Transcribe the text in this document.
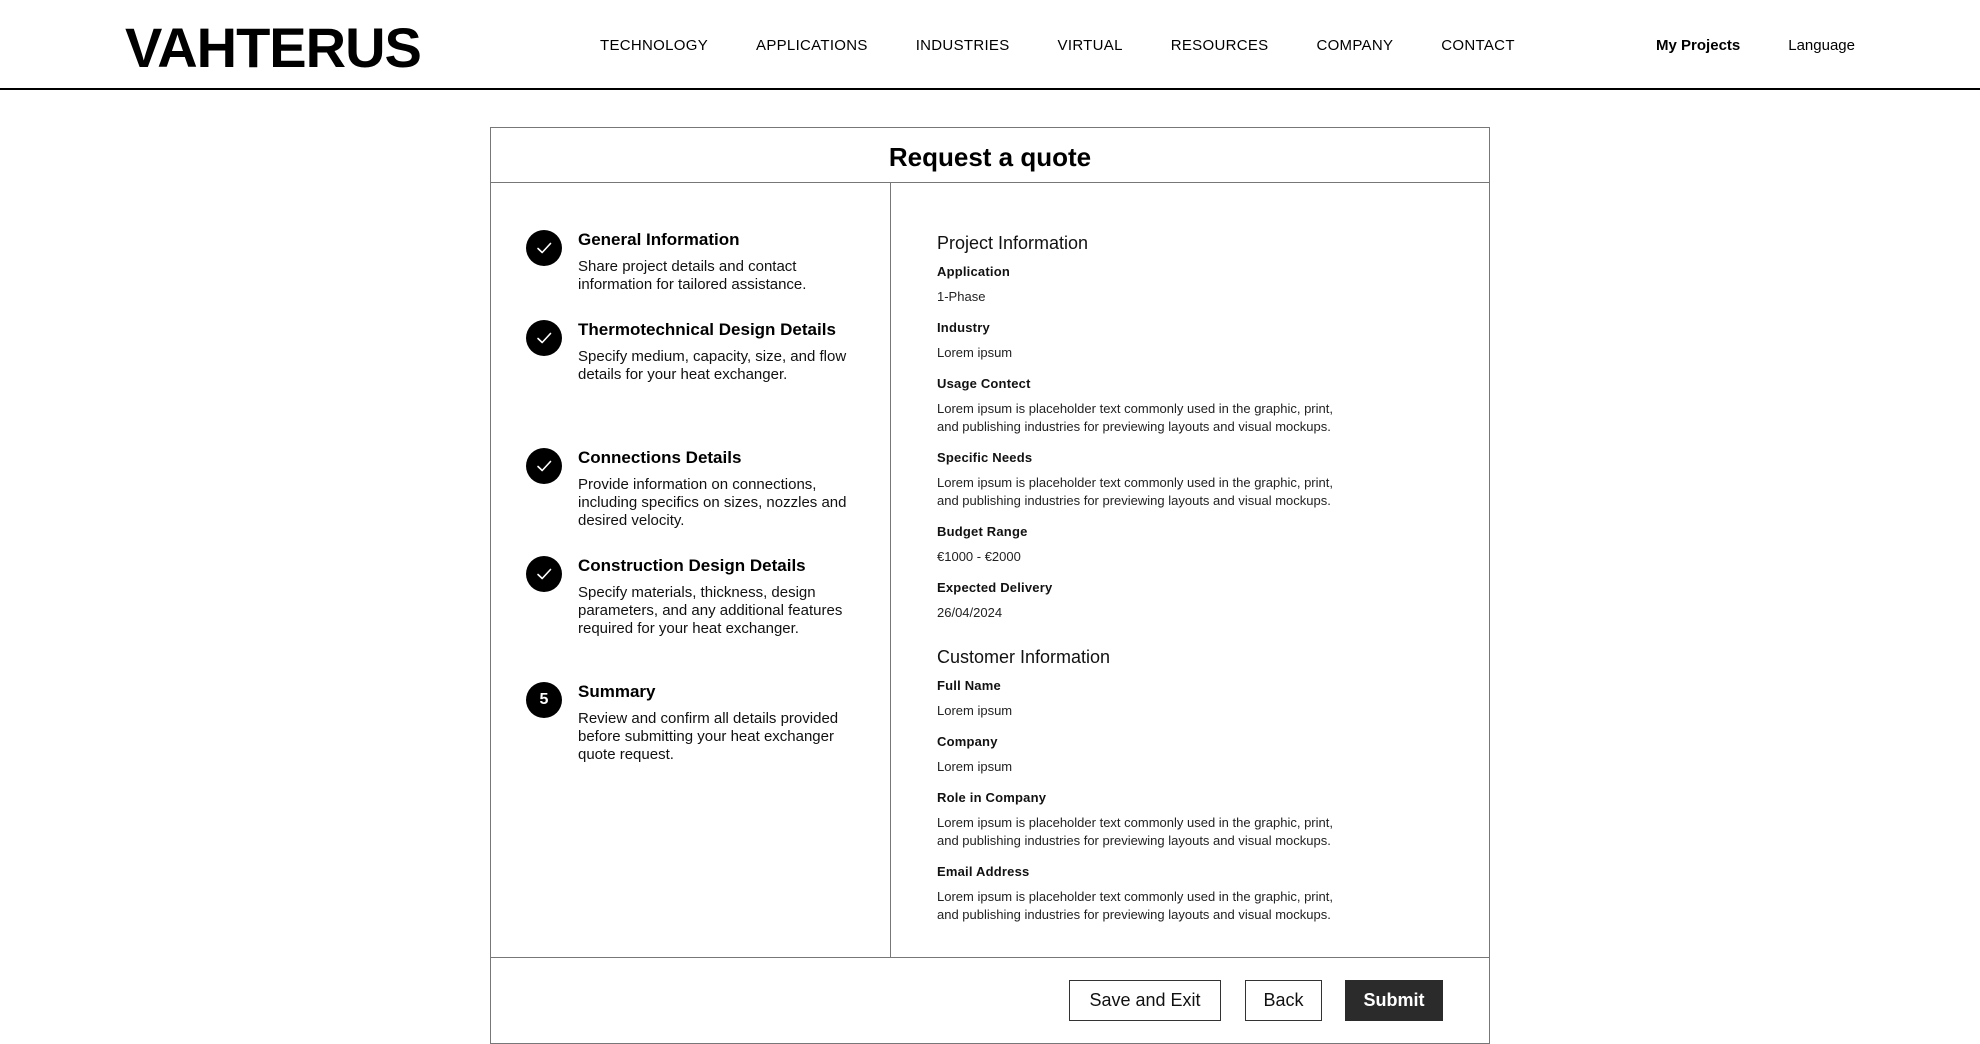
VAHTERUS	TECHNOLOGY	APPLICATIONS	INDUSTRIES	VIRTUAL	RESOURCES	COMPANY	CONTACT	My Projects	Language
Request a quote
General Information
Share project details and contact information for tailored assistance.
Thermotechnical Design Details
Specify medium, capacity, size, and flow details for your heat exchanger.
Connections Details
Provide information on connections, including specifics on sizes, nozzles and desired velocity.
Construction Design Details
Specify materials, thickness, design parameters, and any additional features required for your heat exchanger.
5	Summary
Review and confirm all details provided before submitting your heat exchanger quote request.
Project Information
Application
1-Phase
Industry
Lorem ipsum
Usage Contect
Lorem ipsum is placeholder text commonly used in the graphic, print, and publishing industries for previewing layouts and visual mockups.
Specific Needs
Lorem ipsum is placeholder text commonly used in the graphic, print, and publishing industries for previewing layouts and visual mockups.
Budget Range
€1000 - €2000
Expected Delivery
26/04/2024
Customer Information
Full Name
Lorem ipsum
Company
Lorem ipsum
Role in Company
Lorem ipsum is placeholder text commonly used in the graphic, print, and publishing industries for previewing layouts and visual mockups.
Email Address
Lorem ipsum is placeholder text commonly used in the graphic, print, and publishing industries for previewing layouts and visual mockups.
Save and Exit	Back	Submit
